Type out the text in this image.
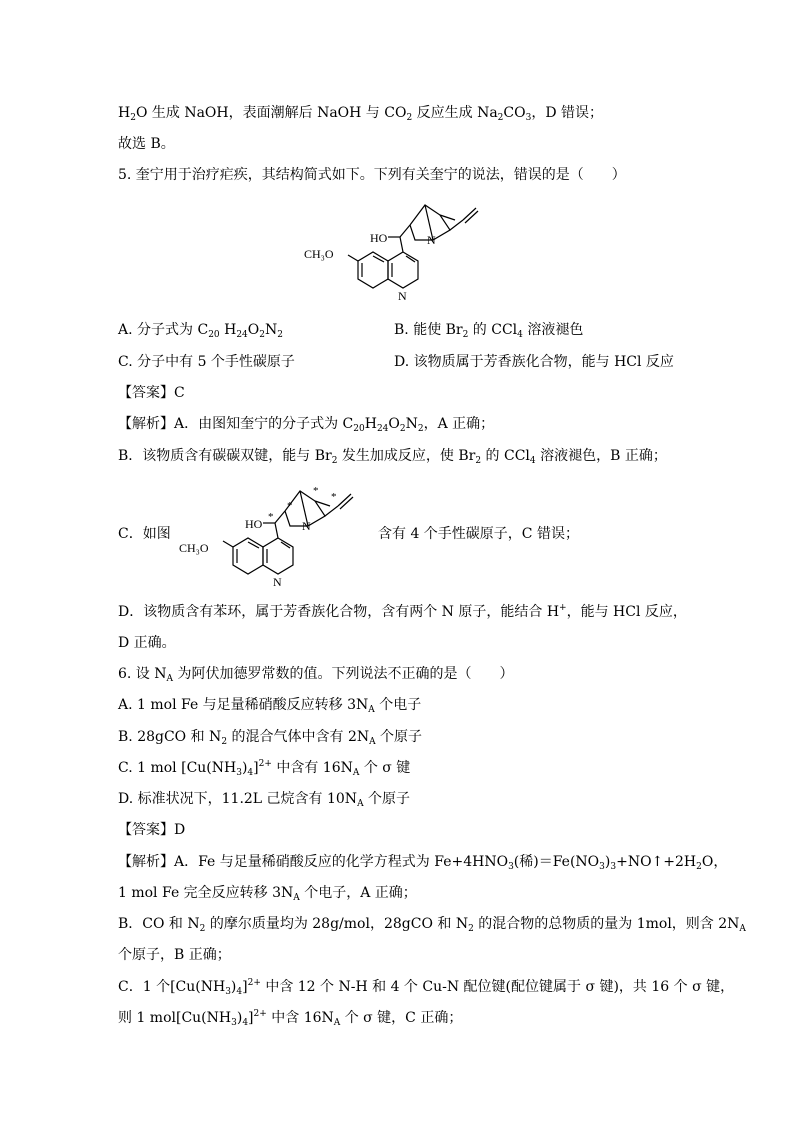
$H_2O$ 生成 NaOH，表面潮解后 NaOH 与 $CO_2$ 反应生成 $Na_2CO_3$，D 错误；
故选 B。
5. 奎宁用于治疗疟疾，其结构简式如下。下列有关奎宁的说法，错误的是（　　）
HO	N
N
CH₃O
A. 分子式为 $C_{20}$ $H_{24}O_2N_2$	B. 能使 $Br_2$ 的 CCl$_4$ 溶液褪色
C. 分子中有 5 个手性碳原子	D. 该物质属于芳香族化合物，能与 HCl 反应
【答案】C
【解析】A．由图知奎宁的分子式为 $C_{20}H_{24}O_2N_2$，A 正确；
B．该物质含有碳碳双键，能与 $Br_2$ 发生加成反应，使 $Br_2$ 的 CCl$_4$ 溶液褪色，B 正确；
C．如图
HO	N
N
CH₃O
*
*
* *
含有 4 个手性碳原子，C 错误；
D．该物质含有苯环，属于芳香族化合物，含有两个 N 原子，能结合 H+，能与 HCl 反应，
D 正确。
6. 设 $N_A$ 为阿伏加德罗常数的值。下列说法不正确的是（　　）
A. 1 mol Fe 与足量稀硝酸反应转移 $3N_A$ 个电子
B. 28gCO 和 $N_2$ 的混合气体中含有 $2N_A$ 个原子
C. 1 mol $[Cu(NH_3)_4]^{2+}$ 中含有 $16N_A$ 个 σ 键
D. 标准状况下，11.2L 己烷含有 $10N_A$ 个原子
【答案】D
【解析】A．Fe 与足量稀硝酸反应的化学方程式为 $Fe+4HNO_3$(稀)$=Fe(NO_3)_3+NO↑+2H_2O$，
1 mol Fe 完全反应转移 $3N_A$ 个电子，A 正确；
B．CO 和 $N_2$ 的摩尔质量均为 28g/mol，28gCO 和 $N_2$ 的混合物的总物质的量为 1mol，则含 $2N_A$
个原子，B 正确；
C．1 个$[Cu(NH_3)_4]^{2+}$ 中含 12 个 N-H 和 4 个 Cu-N 配位键(配位键属于 σ 键)，共 16 个 σ 键，
则 1 $mol[Cu(NH_3)_4]^{2+}$ 中含 $16N_A$ 个 σ 键，C 正确；
